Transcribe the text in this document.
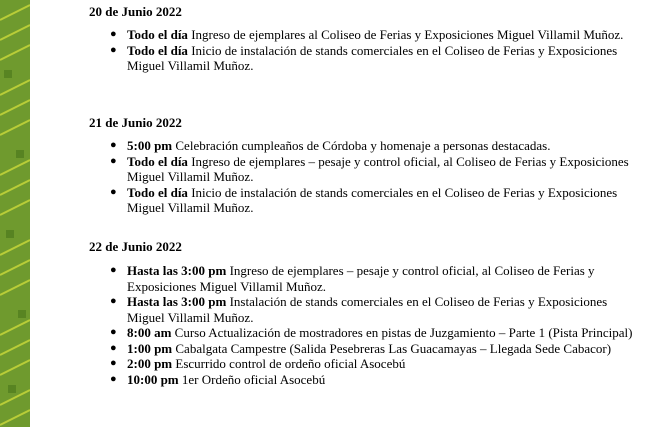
20 de Junio 2022

● Todo el día Ingreso de ejemplares al Coliseo de Ferias y Exposiciones Miguel Villamil Muñoz.
● Todo el día Inicio de instalación de stands comerciales en el Coliseo de Ferias y Exposiciones Miguel Villamil Muñoz.

21 de Junio 2022

● 5:00 pm Celebración cumpleaños de Córdoba y homenaje a personas destacadas.
● Todo el día Ingreso de ejemplares – pesaje y control oficial, al Coliseo de Ferias y Exposiciones Miguel Villamil Muñoz.
● Todo el día Inicio de instalación de stands comerciales en el Coliseo de Ferias y Exposiciones Miguel Villamil Muñoz.

22 de Junio 2022

● Hasta las 3:00 pm Ingreso de ejemplares – pesaje y control oficial, al Coliseo de Ferias y Exposiciones Miguel Villamil Muñoz.
● Hasta las 3:00 pm Instalación de stands comerciales en el Coliseo de Ferias y Exposiciones Miguel Villamil Muñoz.
● 8:00 am Curso Actualización de mostradores en pistas de Juzgamiento – Parte 1 (Pista Principal)
● 1:00 pm Cabalgata Campestre (Salida Pesebreras Las Guacamayas – Llegada Sede Cabacor)
● 2:00 pm Escurrido control de ordeño oficial Asocebú
● 10:00 pm 1er Ordeño oficial Asocebú
